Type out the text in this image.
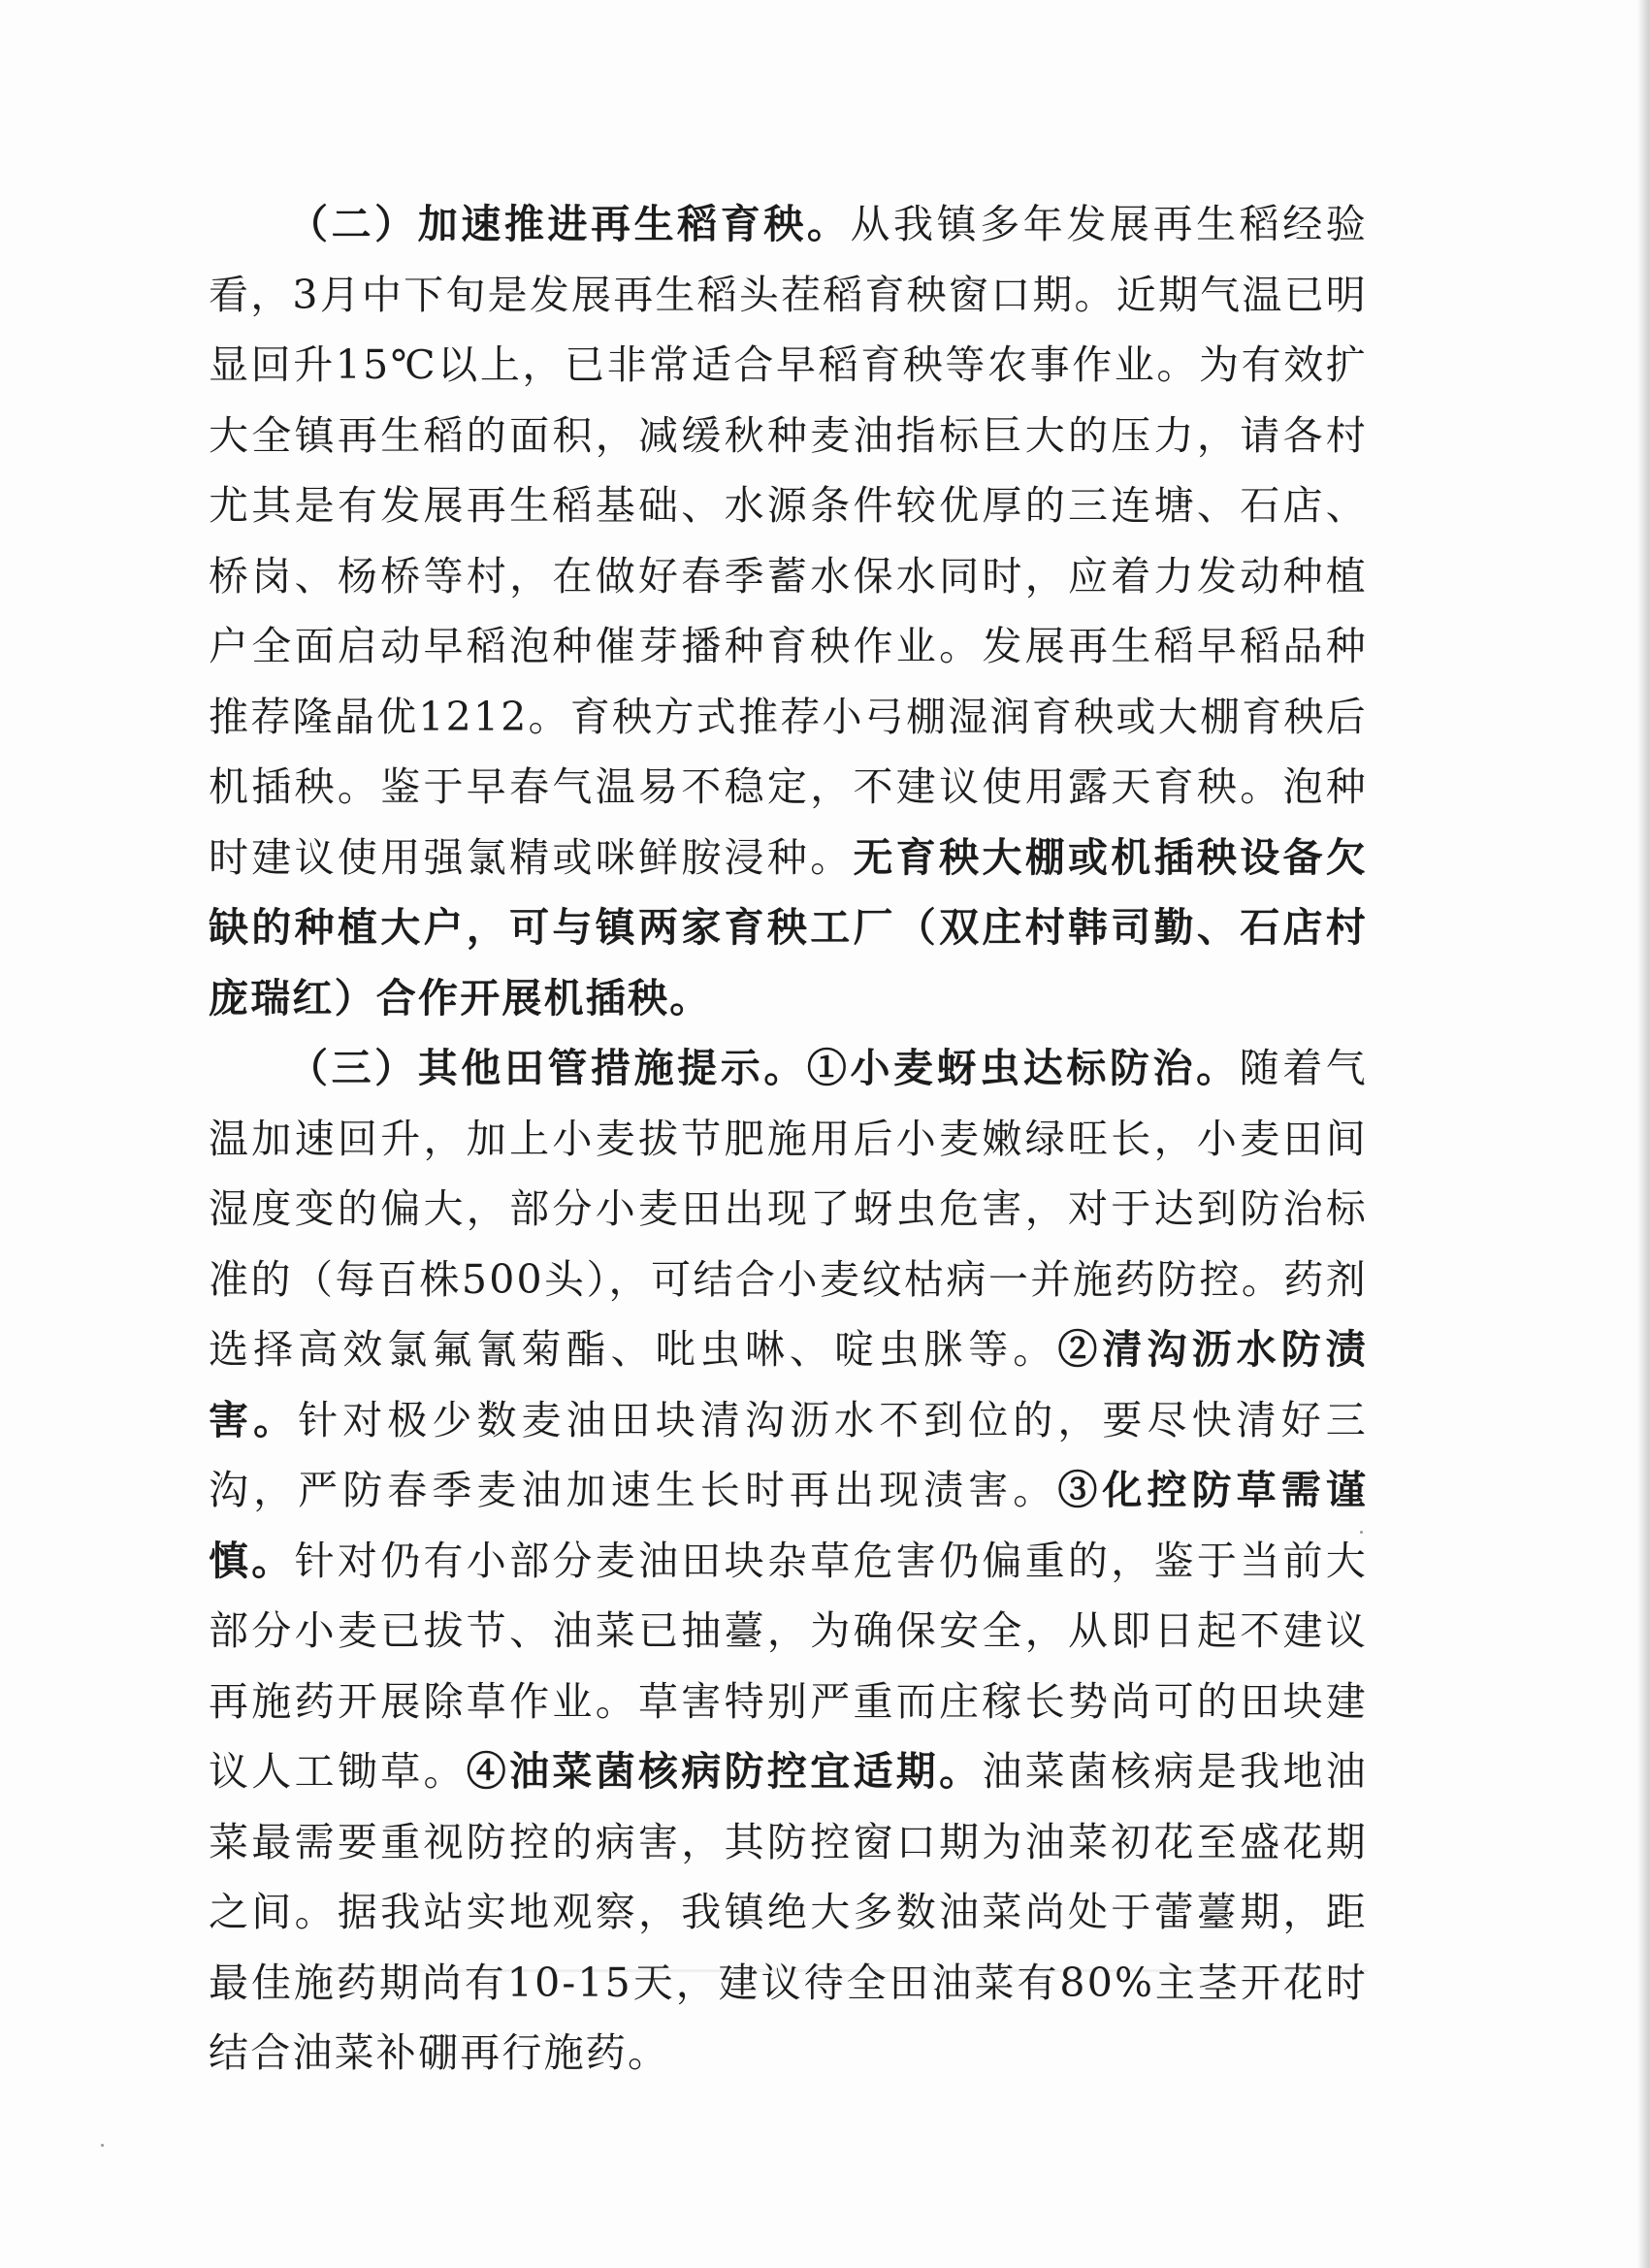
（二）加速推进再生稻育秧。从我镇多年发展再生稻经验看，3月中下旬是发展再生稻头茬稻育秧窗口期。近期气温已明显回升15℃以上，已非常适合早稻育秧等农事作业。为有效扩大全镇再生稻的面积，减缓秋种麦油指标巨大的压力，请各村尤其是有发展再生稻基础、水源条件较优厚的三连塘、石店、桥岗、杨桥等村，在做好春季蓄水保水同时，应着力发动种植户全面启动早稻泡种催芽播种育秧作业。发展再生稻早稻品种推荐隆晶优1212。育秧方式推荐小弓棚湿润育秧或大棚育秧后机插秧。鉴于早春气温易不稳定，不建议使用露天育秧。泡种时建议使用强氯精或咪鲜胺浸种。无育秧大棚或机插秧设备欠缺的种植大户，可与镇两家育秧工厂（双庄村韩司勤、石店村庞瑞红）合作开展机插秧。

（三）其他田管措施提示。①小麦蚜虫达标防治。随着气温加速回升，加上小麦拔节肥施用后小麦嫩绿旺长，小麦田间湿度变的偏大，部分小麦田出现了蚜虫危害，对于达到防治标准的（每百株500头），可结合小麦纹枯病一并施药防控。药剂选择高效氯氟氰菊酯、吡虫啉、啶虫脒等。②清沟沥水防渍害。针对极少数麦油田块清沟沥水不到位的，要尽快清好三沟，严防春季麦油加速生长时再出现渍害。③化控防草需谨慎。针对仍有小部分麦油田块杂草危害仍偏重的，鉴于当前大部分小麦已拔节、油菜已抽薹，为确保安全，从即日起不建议再施药开展除草作业。草害特别严重而庄稼长势尚可的田块建议人工锄草。④油菜菌核病防控宜适期。油菜菌核病是我地油菜最需要重视防控的病害，其防控窗口期为油菜初花至盛花期之间。据我站实地观察，我镇绝大多数油菜尚处于蕾薹期，距最佳施药期尚有10-15天，建议待全田油菜有80%主茎开花时结合油菜补硼再行施药。
